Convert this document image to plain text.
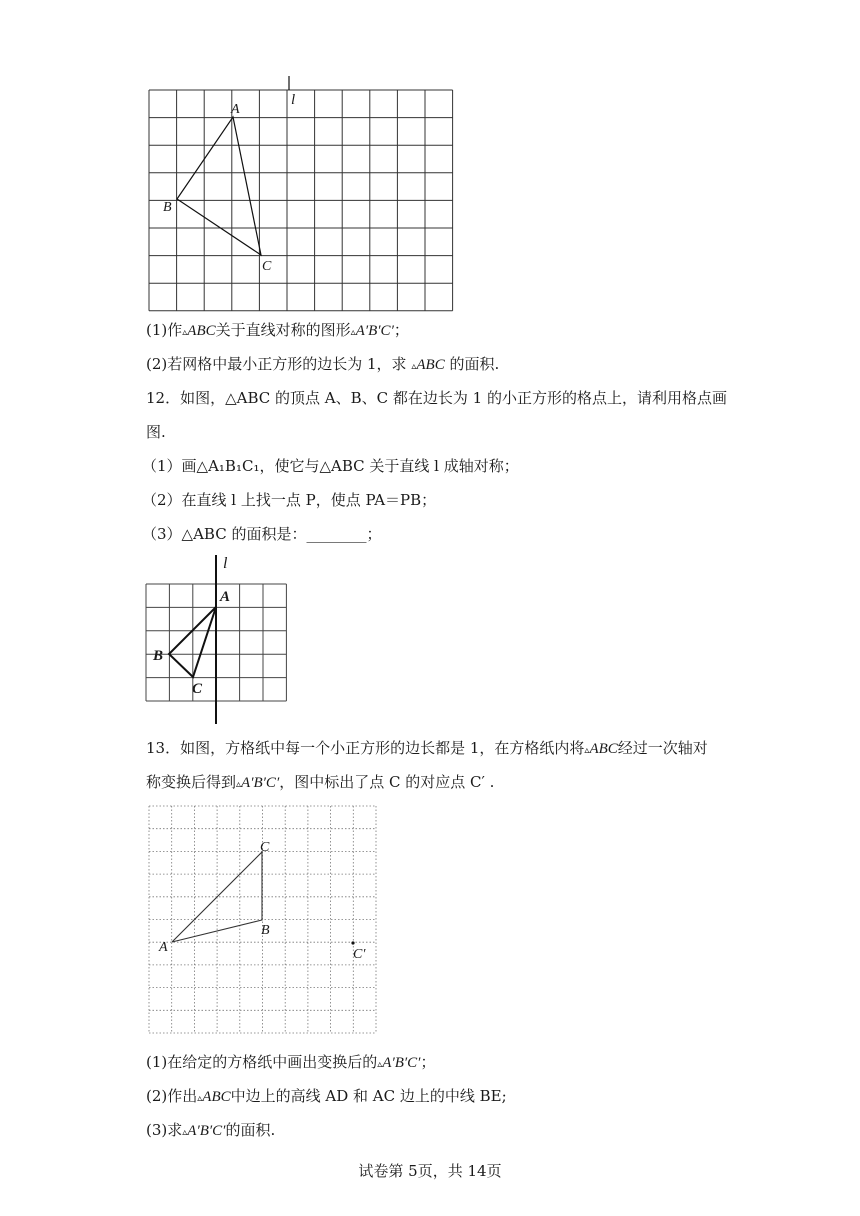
l
A
B
C
(1)作▵ABC关于直线对称的图形▵A′B′C′；
(2)若网格中最小正方形的边长为 1，求 ▵ABC 的面积.
12．如图，△ABC 的顶点 A、B、C 都在边长为 1 的小正方形的格点上，请利用格点画
图.
（1）画△A₁B₁C₁，使它与△ABC 关于直线 l 成轴对称；
（2）在直线 l 上找一点 P，使点 PA＝PB；
（3）△ABC 的面积是：________；
l
A
B
C
13．如图，方格纸中每一个小正方形的边长都是 1，在方格纸内将▵ABC经过一次轴对
称变换后得到▵A′B′C′，图中标出了点 C 的对应点 C′ .
C
B
A	C′
(1)在给定的方格纸中画出变换后的▵A′B′C′；
(2)作出▵ABC中边上的高线 AD 和 AC 边上的中线 BE;
(3)求▵A′B′C′的面积.
试卷第 5页，共 14页
